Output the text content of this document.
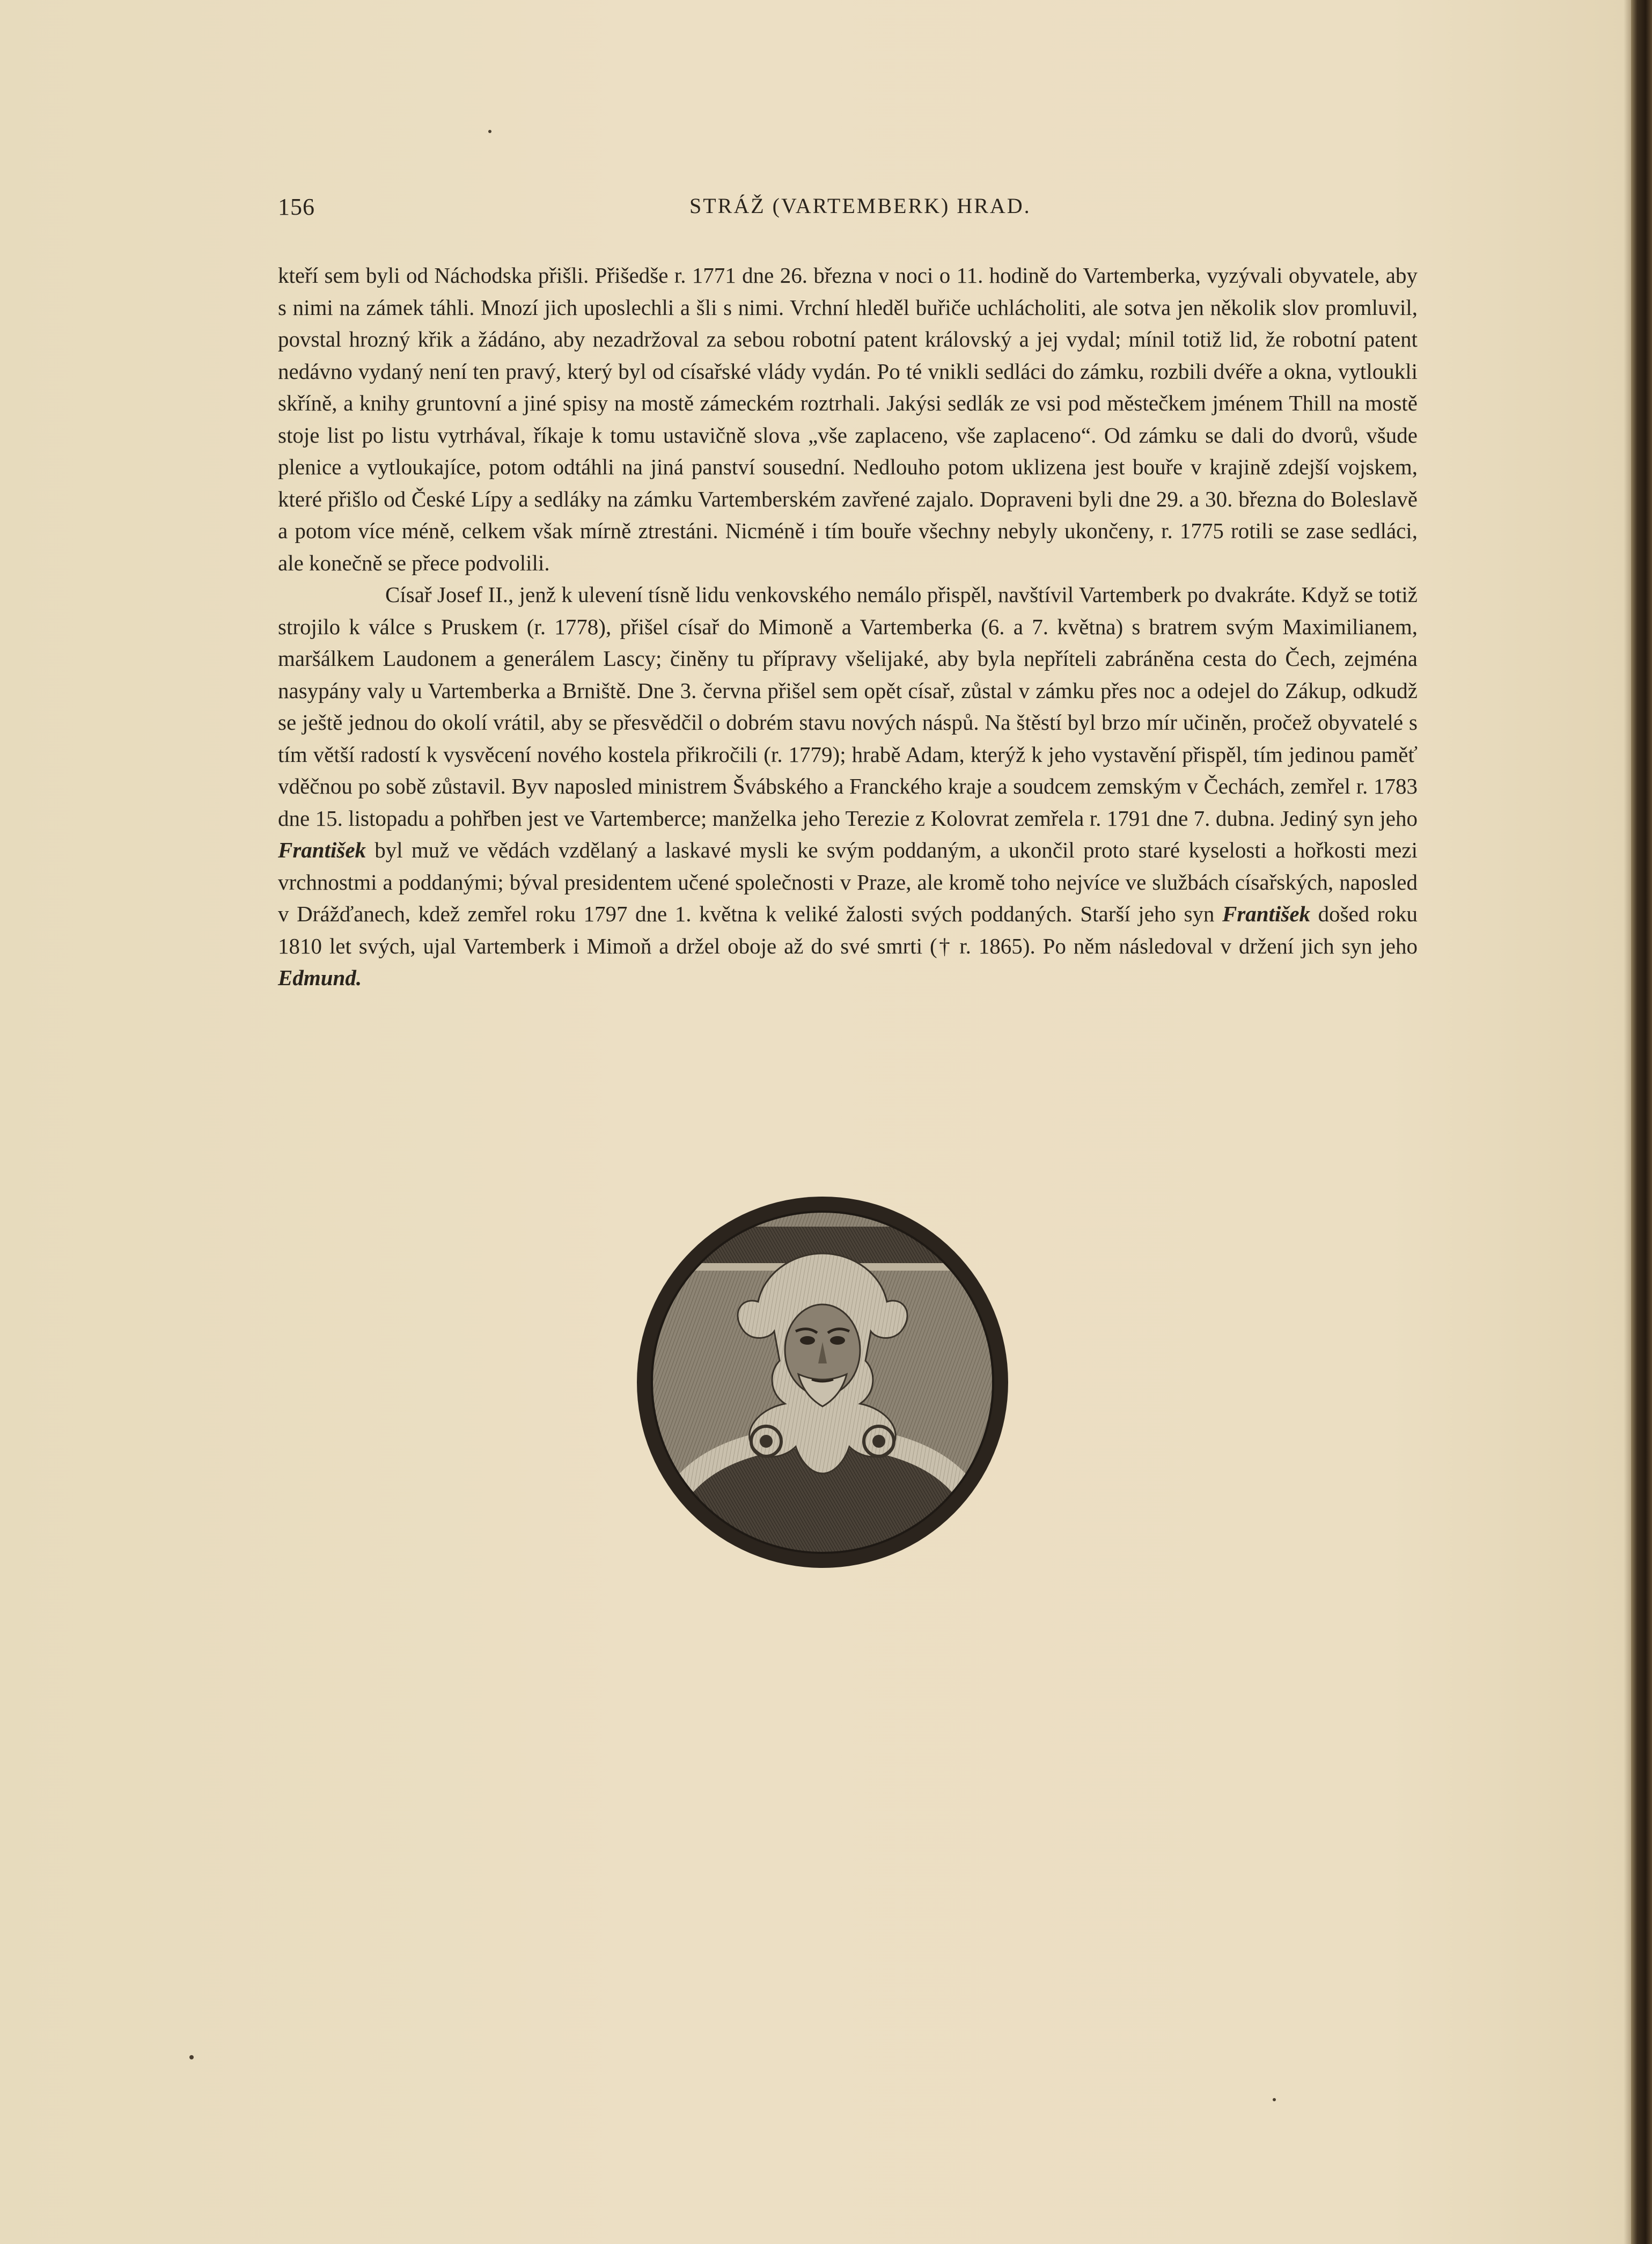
156	STRÁŽ (VARTEMBERK) HRAD.

kteří sem byli od Náchodska přišli. Přišedše r. 1771 dne 26. března v noci o 11. hodině do Vartemberka, vyzývali obyvatele, aby s nimi na zámek táhli. Mnozí jich uposlechli a šli s nimi. Vrchní hleděl buřiče uchlácholiti, ale sotva jen několik slov promluvil, povstal hrozný křik a žádáno, aby nezadržoval za sebou robotní patent královský a jej vydal; mínil totiž lid, že robotní patent nedávno vydaný není ten pravý, který byl od císařské vlády vydán. Po té vnikli sedláci do zámku, rozbili dvéře a okna, vytloukli skříně, a knihy gruntovní a jiné spisy na mostě zámeckém roztrhali. Jakýsi sedlák ze vsi pod městečkem jménem Thill na mostě stoje list po listu vytrhával, říkaje k tomu ustavičně slova „vše zaplaceno, vše zaplaceno“. Od zámku se dali do dvorů, všude plenice a vytloukajíce, potom odtáhli na jiná panství sousední. Nedlouho potom uklizena jest bouře v krajině zdejší vojskem, které přišlo od České Lípy a sedláky na zámku Vartemberském zavřené zajalo. Dopraveni byli dne 29. a 30. března do Boleslavě a potom více méně, celkem však mírně ztrestáni. Nicméně i tím bouře všechny nebyly ukončeny, r. 1775 rotili se zase sedláci, ale konečně se přece podvolili.

Císař Josef II., jenž k ulevení tísně lidu venkovského nemálo přispěl, navštívil Vartemberk po dvakráte. Když se totiž strojilo k válce s Pruskem (r. 1778), přišel císař do Mimoně a Vartemberka (6. a 7. května) s bratrem svým Maximilianem, maršálkem Laudonem a generálem Lascy; činěny tu přípravy všelijaké, aby byla nepříteli zabráněna cesta do Čech, zejména nasypány valy u Vartemberka a Brniště. Dne 3. června přišel sem opět císař, zůstal v zámku přes noc a odejel do Zákup, odkudž se ještě jednou do okolí vrátil, aby se přesvědčil o dobrém stavu nových náspů. Na štěstí byl brzo mír učiněn, pročež obyvatelé s tím větší radostí k vysvěcení nového kostela přikročili (r. 1779); hrabě Adam, kterýž k jeho vystavění přispěl, tím jedinou paměť vděčnou po sobě zůstavil. Byv naposled ministrem Švábského a Franckého kraje a soudcem zemským v Čechách, zemřel r. 1783 dne 15. listopadu a pohřben jest ve Vartemberce; manželka jeho Terezie z Kolovrat zemřela r. 1791 dne 7. dubna. Jediný syn jeho František byl muž ve vědách vzdělaný a laskavé mysli ke svým poddaným, a ukončil proto staré kyselosti a hořkosti mezi vrchnostmi a poddanými; býval presidentem učené společnosti v Praze, ale kromě toho nejvíce ve službách císařských, naposled v Drážďanech, kdež zemřel roku 1797 dne 1. května k veliké žalosti svých poddaných. Starší jeho syn František došed roku 1810 let svých, ujal Vartemberk i Mimoň a držel oboje až do své smrti († r. 1865). Po něm následoval v držení jich syn jeho Edmund.
